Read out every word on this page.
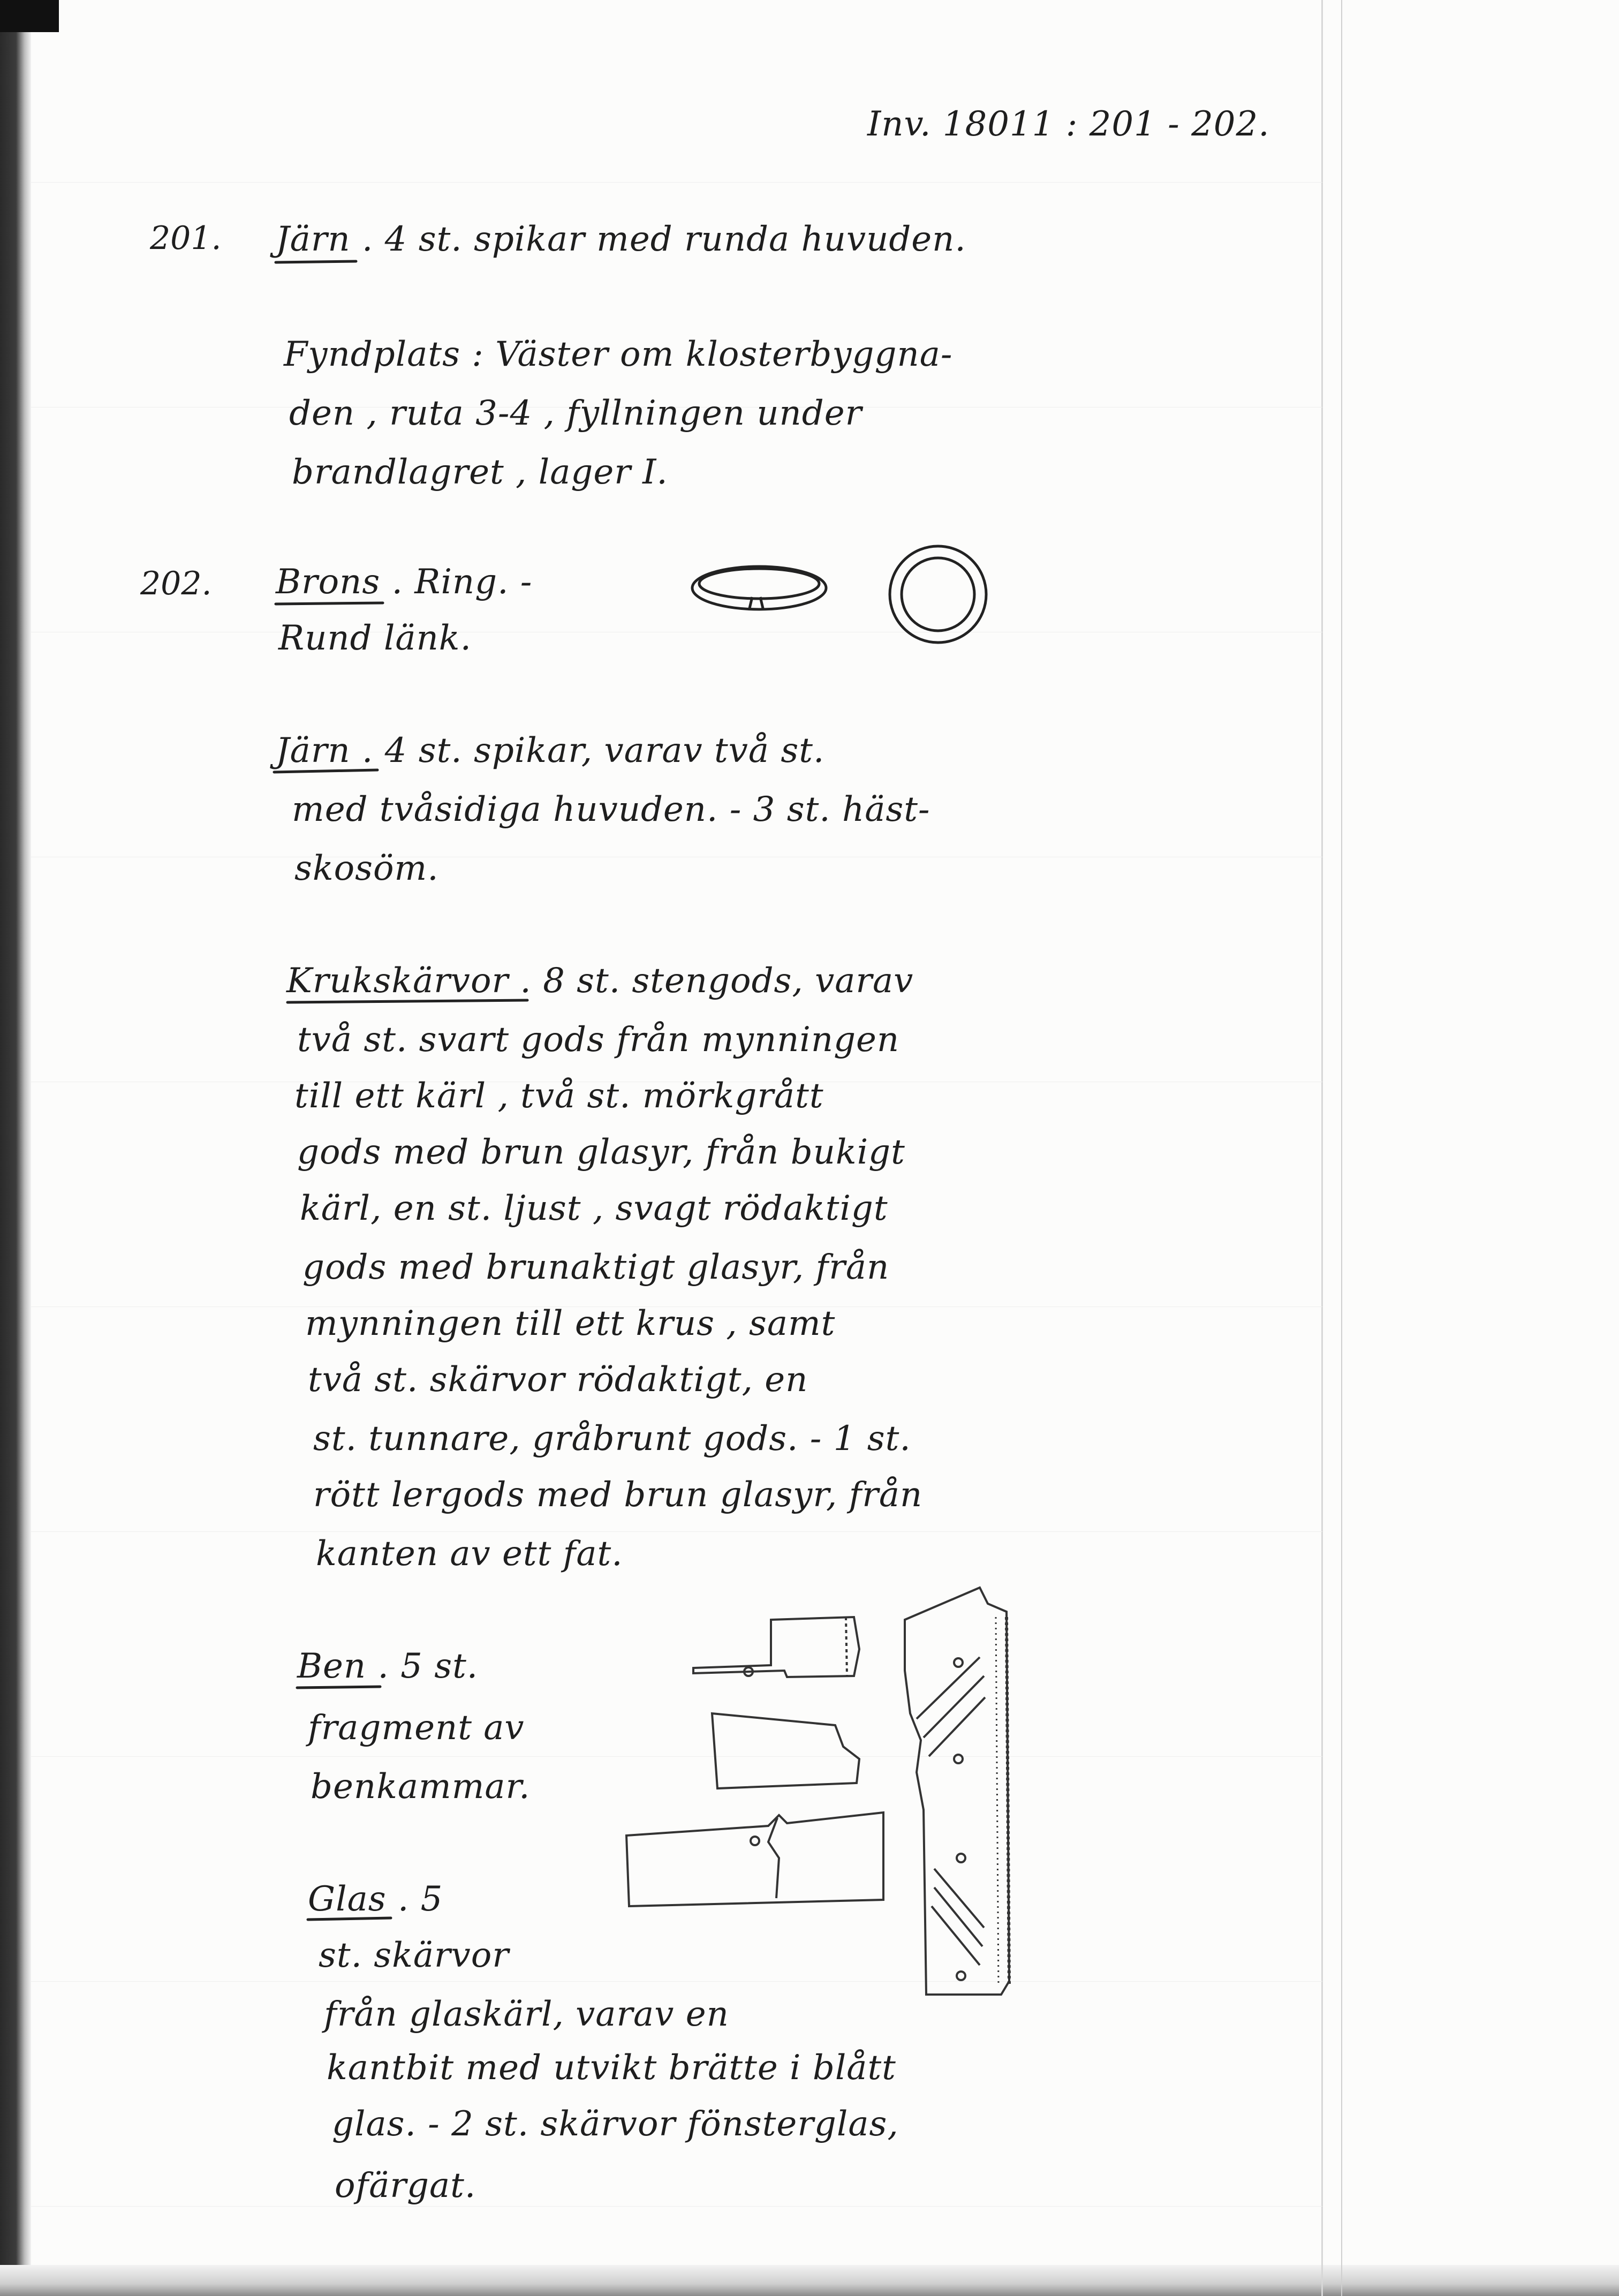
Inv. 18011 : 201 - 202.
201. Järn . 4 st. spikar med runda huvuden.
Fyndplats : Väster om klosterbyggna-
den , ruta 3-4 , fyllningen under
brandlagret , lager I.
202. Brons . Ring. -
Rund länk.
Järn . 4 st. spikar, varav två st.
med tvåsidiga huvuden. - 3 st. häst-
skosöm.
Krukskärvor . 8 st. stengods, varav
två st. svart gods från mynningen
till ett kärl , två st. mörkgrått
gods med brun glasyr, från bukigt
kärl, en st. ljust , svagt rödaktigt
gods med brunaktigt glasyr, från
mynningen till ett krus , samt
två st. skärvor rödaktigt, en
st. tunnare, gråbrunt gods. - 1 st.
rött lergods med brun glasyr, från
kanten av ett fat.
Ben . 5 st.
fragment av
benkammar.
Glas . 5
st. skärvor
från glaskärl, varav en
kantbit med utvikt brätte i blått
glas. - 2 st. skärvor fönsterglas,
ofärgat.
